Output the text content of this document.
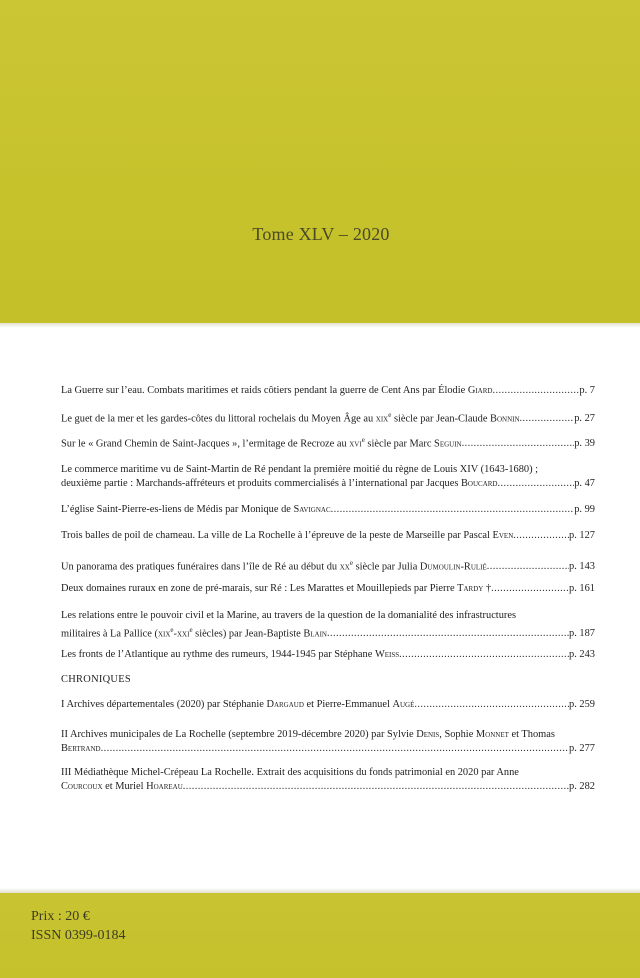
Tome XLV – 2020
La Guerre sur l’eau. Combats maritimes et raids côtiers pendant la guerre de Cent Ans par Élodie Giard .....	p. 7
Le guet de la mer et les gardes-côtes du littoral rochelais du Moyen Âge au xix$^e$ siècle par Jean-Claude Bonnin .....	p. 27
Sur le « Grand Chemin de Saint-Jacques », l’ermitage de Recroze au xvi$^e$ siècle par Marc Seguin .....	p. 39
Le commerce maritime vu de Saint-Martin de Ré pendant la première moitié du règne de Louis XIV (1643-1680) ;
deuxième partie : Marchands-affréteurs et produits commercialisés à l’international par Jacques Boucard .....	p. 47
L’église Saint-Pierre-es-liens de Médis par Monique de Savignac .....	p. 99
Trois balles de poil de chameau. La ville de La Rochelle à l’épreuve de la peste de Marseille par Pascal Even .....	p. 127
Un panorama des pratiques funéraires dans l’île de Ré au début du $xx^e$ siècle par Julia Dumoulin-Rulié .....	p. 143
Deux domaines ruraux en zone de pré-marais, sur Ré : Les Marattes et Mouillepieds par Pierre Tardy † .....	p. 161
Les relations entre le pouvoir civil et la Marine, au travers de la question de la domanialité des infrastructures
militaires à La Pallice (xix$^e$-xxi$^e$ siècles) par Jean-Baptiste Blain .....	p. 187
Les fronts de l’Atlantique au rythme des rumeurs, 1944-1945 par Stéphane Weiss .....	p. 243
CHRONIQUES
I Archives départementales (2020) par Stéphanie Dargaud et Pierre-Emmanuel Augé .....	p. 259
II Archives municipales de La Rochelle (septembre 2019-décembre 2020) par Sylvie Denis, Sophie Monnet et Thomas
Bertrand .....	p. 277
III Médiathèque Michel-Crépeau La Rochelle. Extrait des acquisitions du fonds patrimonial en 2020 par Anne
Courcoux et Muriel Hoareau .....	p. 282
Prix : 20 €
ISSN 0399-0184
